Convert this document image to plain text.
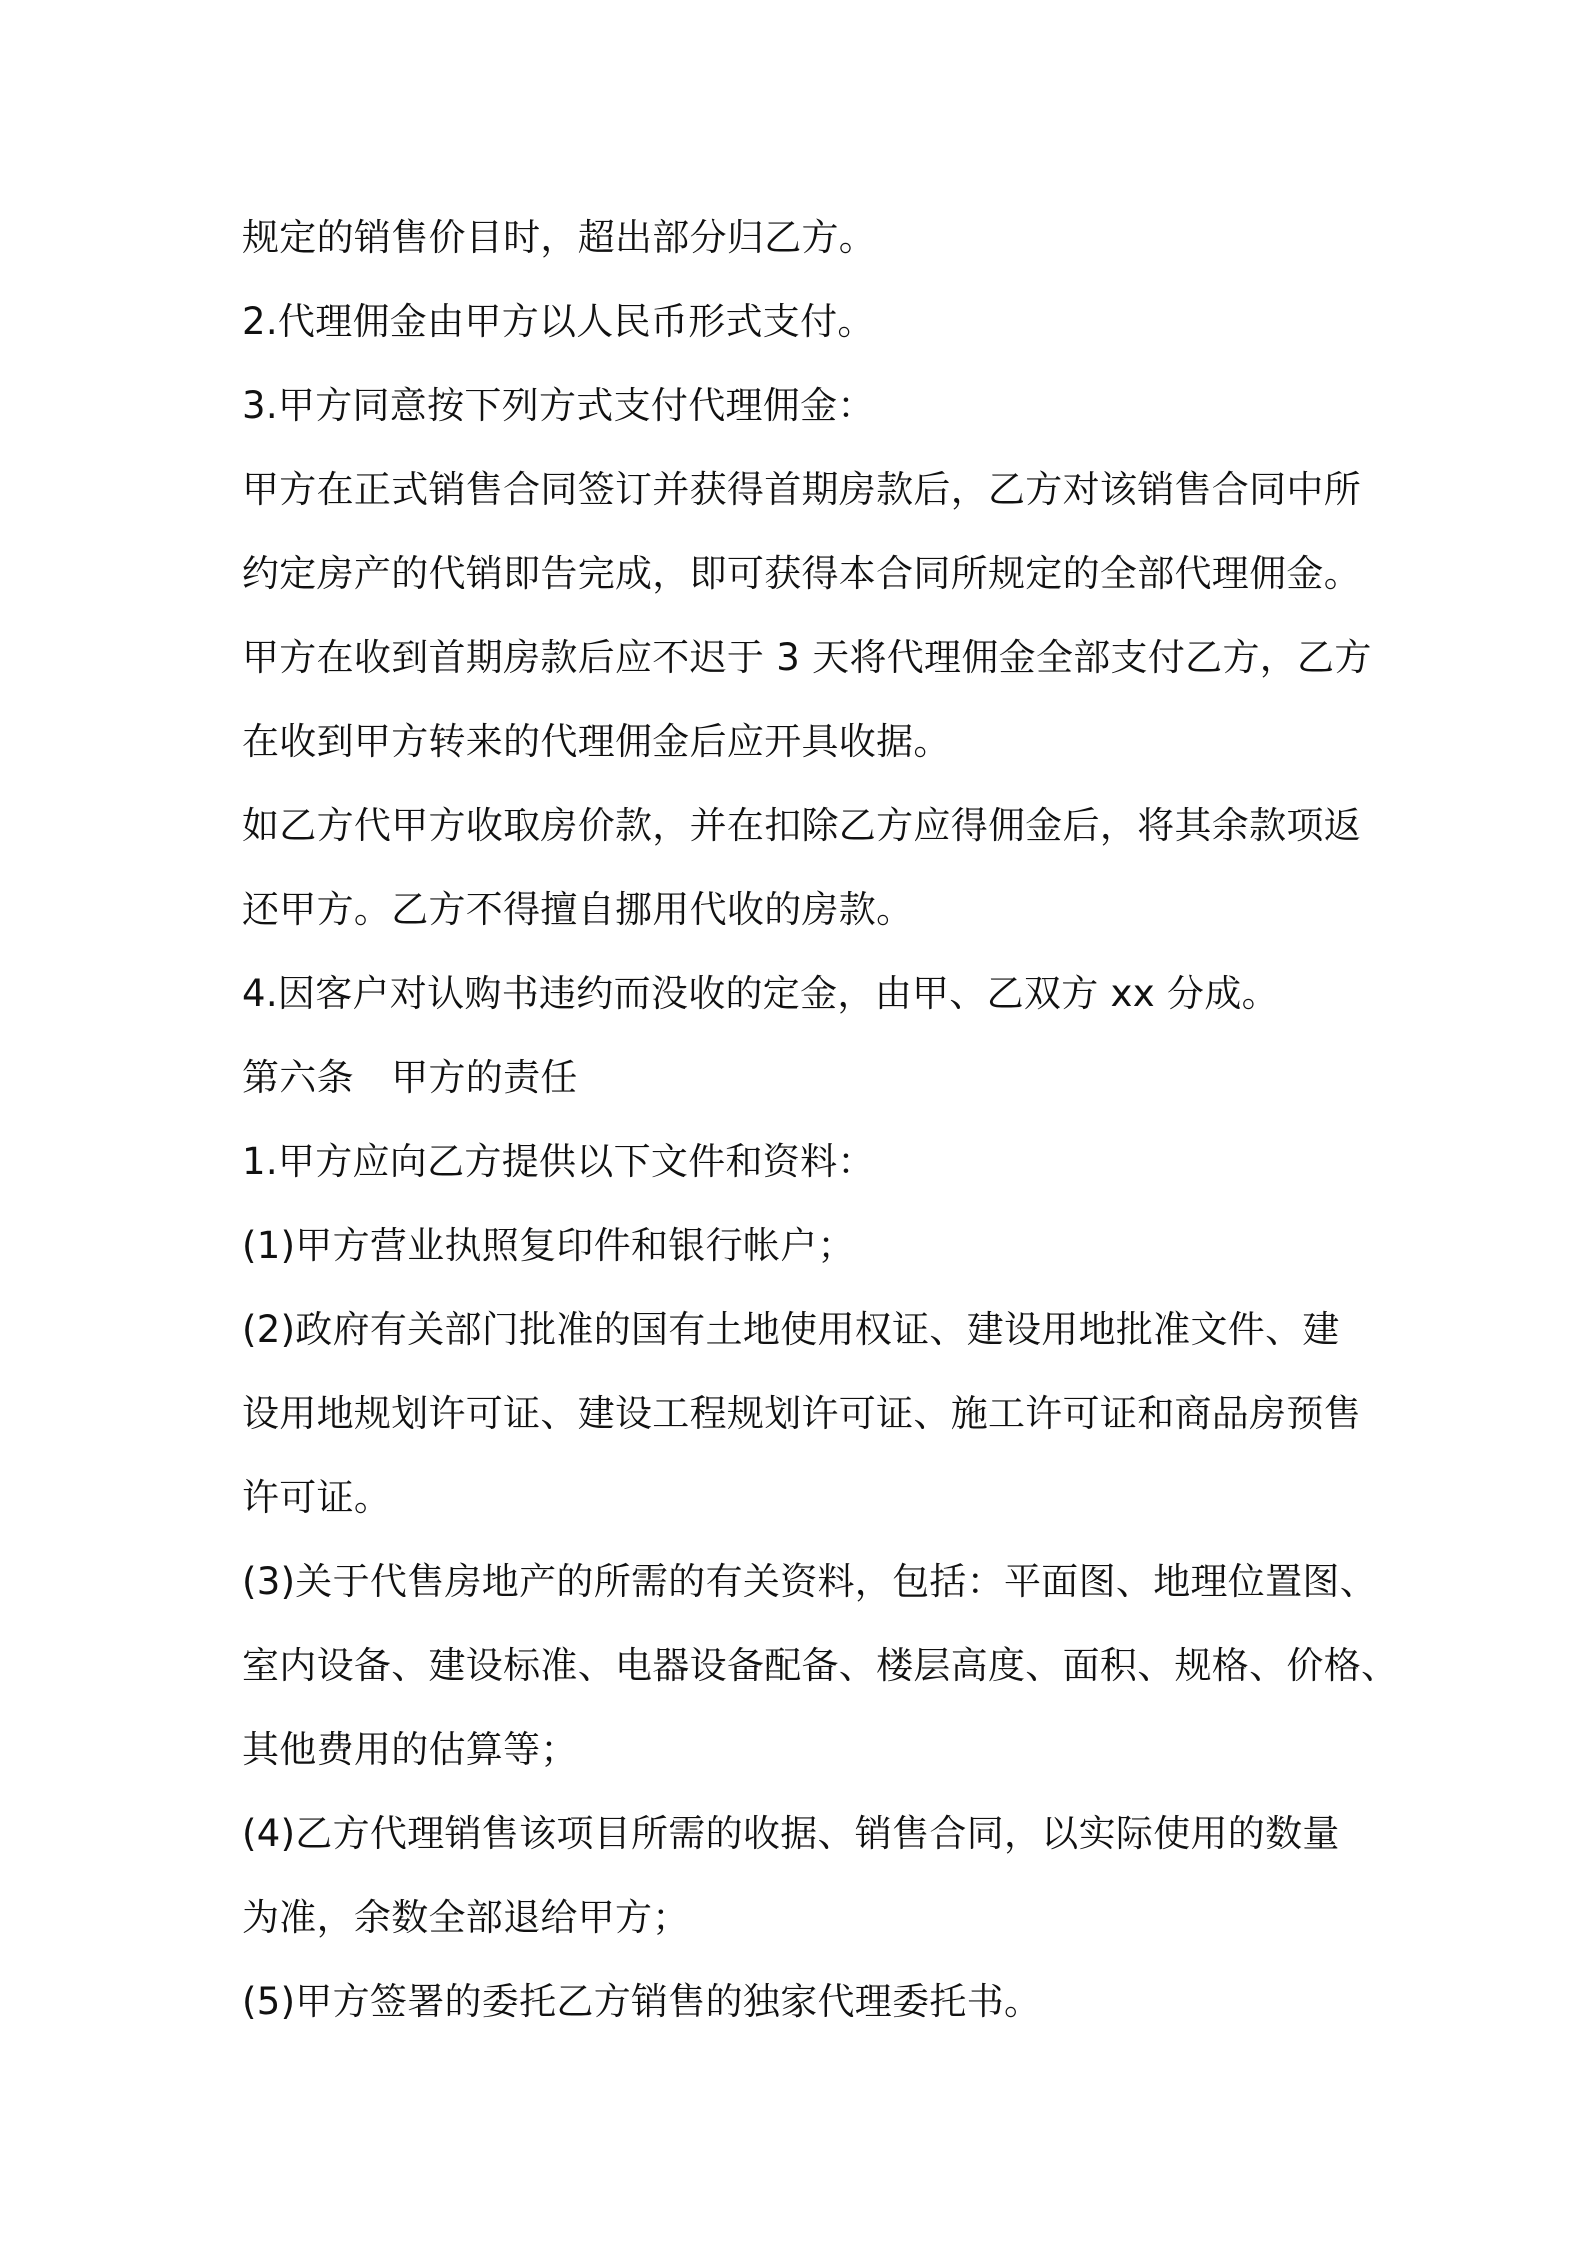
规定的销售价目时，超出部分归乙方。
2.代理佣金由甲方以人民币形式支付。
3.甲方同意按下列方式支付代理佣金：
甲方在正式销售合同签订并获得首期房款后，乙方对该销售合同中所
约定房产的代销即告完成，即可获得本合同所规定的全部代理佣金。
甲方在收到首期房款后应不迟于 3 天将代理佣金全部支付乙方，乙方
在收到甲方转来的代理佣金后应开具收据。
如乙方代甲方收取房价款，并在扣除乙方应得佣金后，将其余款项返
还甲方。乙方不得擅自挪用代收的房款。
4.因客户对认购书违约而没收的定金，由甲、乙双方 xx 分成。
第六条　甲方的责任
1.甲方应向乙方提供以下文件和资料：
(1)甲方营业执照复印件和银行帐户；
(2)政府有关部门批准的国有土地使用权证、建设用地批准文件、建
设用地规划许可证、建设工程规划许可证、施工许可证和商品房预售
许可证。
(3)关于代售房地产的所需的有关资料，包括：平面图、地理位置图、
室内设备、建设标准、电器设备配备、楼层高度、面积、规格、价格、
其他费用的估算等；
(4)乙方代理销售该项目所需的收据、销售合同，以实际使用的数量
为准，余数全部退给甲方；
(5)甲方签署的委托乙方销售的独家代理委托书。
